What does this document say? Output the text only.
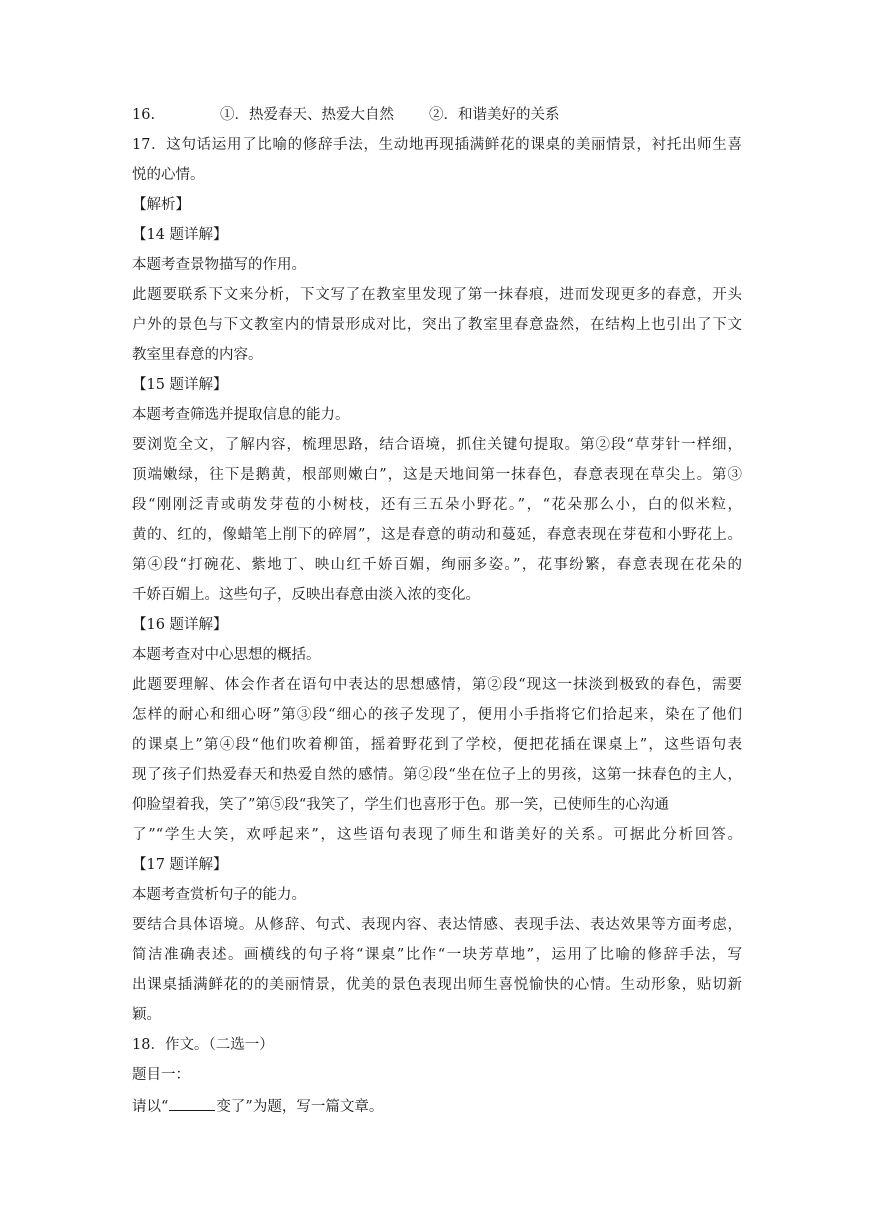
16.	①．热爱春天、热爱大自然 ②．和谐美好的关系
17．这句话运用了比喻的修辞手法，生动地再现插满鲜花的课桌的美丽情景，衬托出师生喜
悦的心情。
【解析】
【14 题详解】
本题考查景物描写的作用。
此题要联系下文来分析，下文写了在教室里发现了第一抹春痕，进而发现更多的春意，开头
户外的景色与下文教室内的情景形成对比，突出了教室里春意盎然，在结构上也引出了下文
教室里春意的内容。
【15 题详解】
本题考查筛选并提取信息的能力。
要浏览全文，了解内容，梳理思路，结合语境，抓住关键句提取。第②段“草芽针一样细，
顶端嫩绿，往下是鹅黄，根部则嫩白”，这是天地间第一抹春色，春意表现在草尖上。第③
段“刚刚泛青或萌发芽苞的小树枝，还有三五朵小野花。”，“花朵那么小，白的似米粒，
黄的、红的，像蜡笔上削下的碎屑”，这是春意的萌动和蔓延，春意表现在芽苞和小野花上。
第④段“打碗花、紫地丁、映山红千娇百媚，绚丽多姿。”，花事纷繁，春意表现在花朵的
千娇百媚上。这些句子，反映出春意由淡入浓的变化。
【16 题详解】
本题考查对中心思想的概括。
此题要理解、体会作者在语句中表达的思想感情，第②段“现这一抹淡到极致的春色，需要
怎样的耐心和细心呀”第③段“细心的孩子发现了，便用小手指将它们拾起来，染在了他们
的课桌上”第④段“他们吹着柳笛，摇着野花到了学校，便把花插在课桌上”，这些语句表
现了孩子们热爱春天和热爱自然的感情。第②段“坐在位子上的男孩，这第一抹春色的主人，
仰脸望着我，笑了”第⑤段“我笑了，学生们也喜形于色。那一笑，已使师生的心沟通
了”“学生大笑，欢呼起来”，这些语句表现了师生和谐美好的关系。可据此分析回答。
【17 题详解】
本题考查赏析句子的能力。
要结合具体语境。从修辞、句式、表现内容、表达情感、表现手法、表达效果等方面考虑，
简洁准确表述。画横线的句子将“课桌”比作“一块芳草地”，运用了比喻的修辞手法，写
出课桌插满鲜花的的美丽情景，优美的景色表现出师生喜悦愉快的心情。生动形象，贴切新
颖。
18．作文。（二选一）
题目一：
请以“	变了”为题，写一篇文章。
